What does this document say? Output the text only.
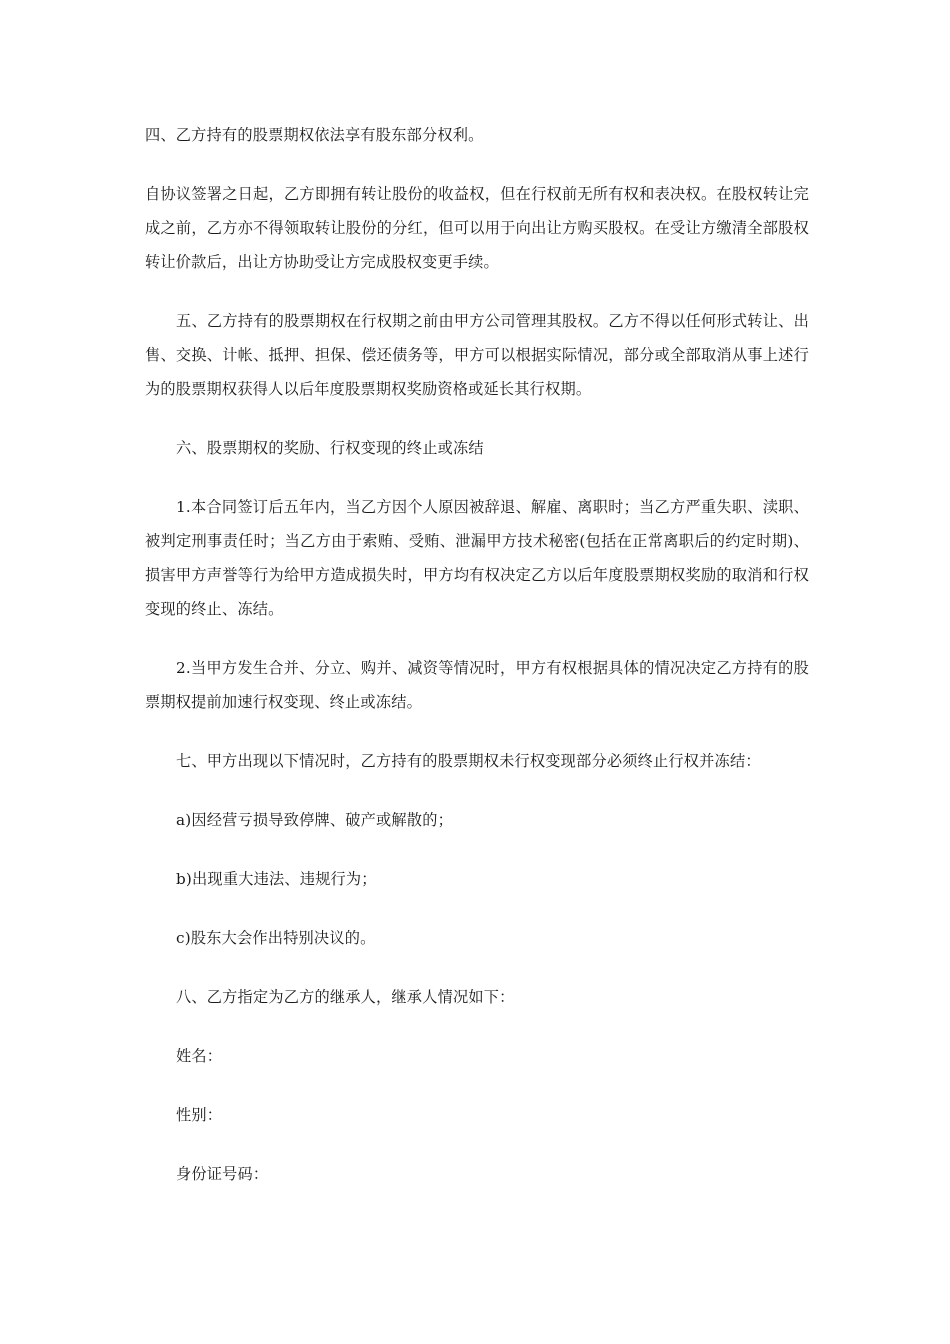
四、乙方持有的股票期权依法享有股东部分权利。

自协议签署之日起，乙方即拥有转让股份的收益权，但在行权前无所有权和表决权。在股权转让完成之前，乙方亦不得领取转让股份的分红，但可以用于向出让方购买股权。在受让方缴清全部股权转让价款后，出让方协助受让方完成股权变更手续。

五、乙方持有的股票期权在行权期之前由甲方公司管理其股权。乙方不得以任何形式转让、出售、交换、计帐、抵押、担保、偿还债务等，甲方可以根据实际情况，部分或全部取消从事上述行为的股票期权获得人以后年度股票期权奖励资格或延长其行权期。

六、股票期权的奖励、行权变现的终止或冻结

1.本合同签订后五年内，当乙方因个人原因被辞退、解雇、离职时；当乙方严重失职、渎职、被判定刑事责任时；当乙方由于索贿、受贿、泄漏甲方技术秘密(包括在正常离职后的约定时期)、损害甲方声誉等行为给甲方造成损失时，甲方均有权决定乙方以后年度股票期权奖励的取消和行权变现的终止、冻结。

2.当甲方发生合并、分立、购并、减资等情况时，甲方有权根据具体的情况决定乙方持有的股票期权提前加速行权变现、终止或冻结。

七、甲方出现以下情况时，乙方持有的股票期权未行权变现部分必须终止行权并冻结：

a)因经营亏损导致停牌、破产或解散的；

b)出现重大违法、违规行为；

c)股东大会作出特别决议的。

八、乙方指定为乙方的继承人，继承人情况如下：

姓名：

性别：

身份证号码：
